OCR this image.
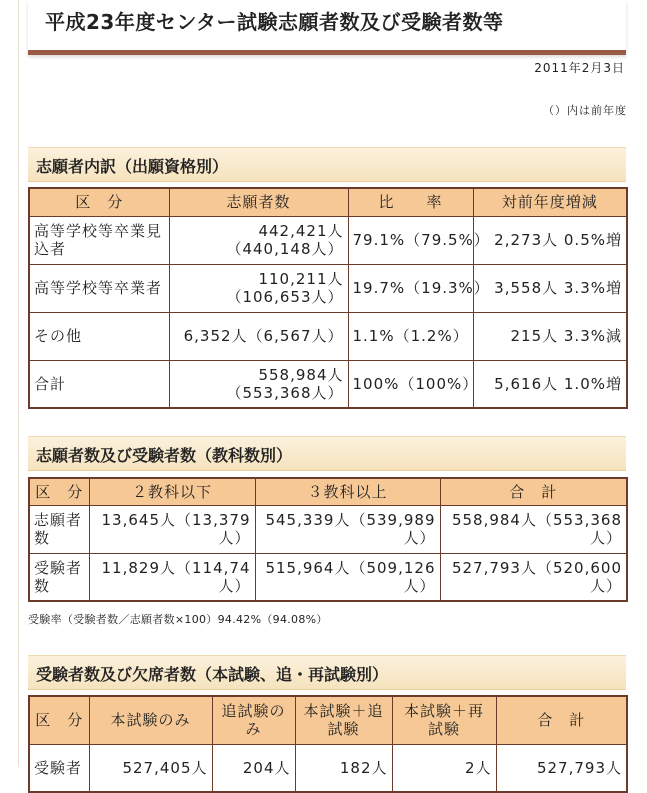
平成23年度センター試験志願者数及び受験者数等
2011年2月3日
（）内は前年度
志願者内訳（出願資格別）
区　分	志願者数	比　　率	対前年度増減
高等学校等卒業見込者	442,421人（440,148人）	79.1%（79.5%）	2,273人 0.5%増
高等学校等卒業者	110,211人（106,653人）	19.7%（19.3%）	3,558人 3.3%増
その他	6,352人（6,567人）	1.1%（1.2%）	215人 3.3%減
合計	558,984人（553,368人）	100%（100%）	5,616人 1.0%増
志願者数及び受験者数（教科数別）
区　分	２教科以下	３教科以上	合　計
志願者数	13,645人（13,379人）	545,339人（539,989人）	558,984人（553,368人）
受験者数	11,829人（114,74人）	515,964人（509,126人）	527,793人（520,600人）
受験率（受験者数／志願者数×100）94.42%（94.08%）
受験者数及び欠席者数（本試験、追・再試験別）
区　分	本試験のみ	追試験のみ	本試験＋追試験	本試験＋再試験	合　計
受験者	527,405人	204人	182人	2人	527,793人
